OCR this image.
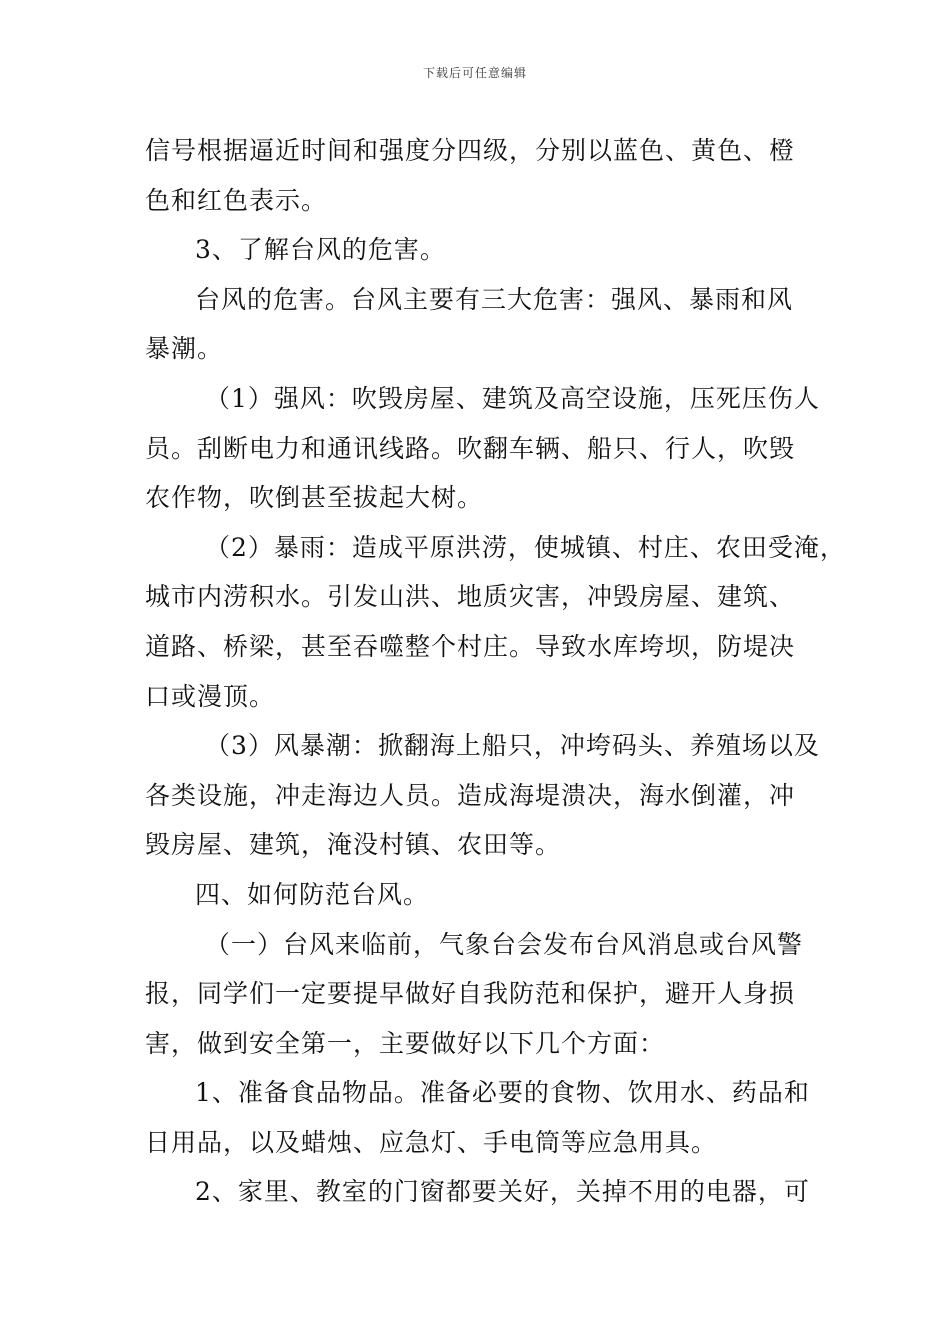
下载后可任意编辑
信号根据逼近时间和强度分四级，分别以蓝色、黄色、橙
色和红色表示。
3、了解台风的危害。
台风的危害。台风主要有三大危害：强风、暴雨和风
暴潮。
（1）强风：吹毁房屋、建筑及高空设施，压死压伤人
员。刮断电力和通讯线路。吹翻车辆、船只、行人，吹毁
农作物，吹倒甚至拔起大树。
（2）暴雨：造成平原洪涝，使城镇、村庄、农田受淹，
城市内涝积水。引发山洪、地质灾害，冲毁房屋、建筑、
道路、桥梁，甚至吞噬整个村庄。导致水库垮坝，防堤决
口或漫顶。
（3）风暴潮：掀翻海上船只，冲垮码头、养殖场以及
各类设施，冲走海边人员。造成海堤溃决，海水倒灌，冲
毁房屋、建筑，淹没村镇、农田等。
四、如何防范台风。
（一）台风来临前，气象台会发布台风消息或台风警
报，同学们一定要提早做好自我防范和保护，避开人身损
害，做到安全第一，主要做好以下几个方面：
1、准备食品物品。准备必要的食物、饮用水、药品和
日用品，以及蜡烛、应急灯、手电筒等应急用具。
2、家里、教室的门窗都要关好，关掉不用的电器，可
